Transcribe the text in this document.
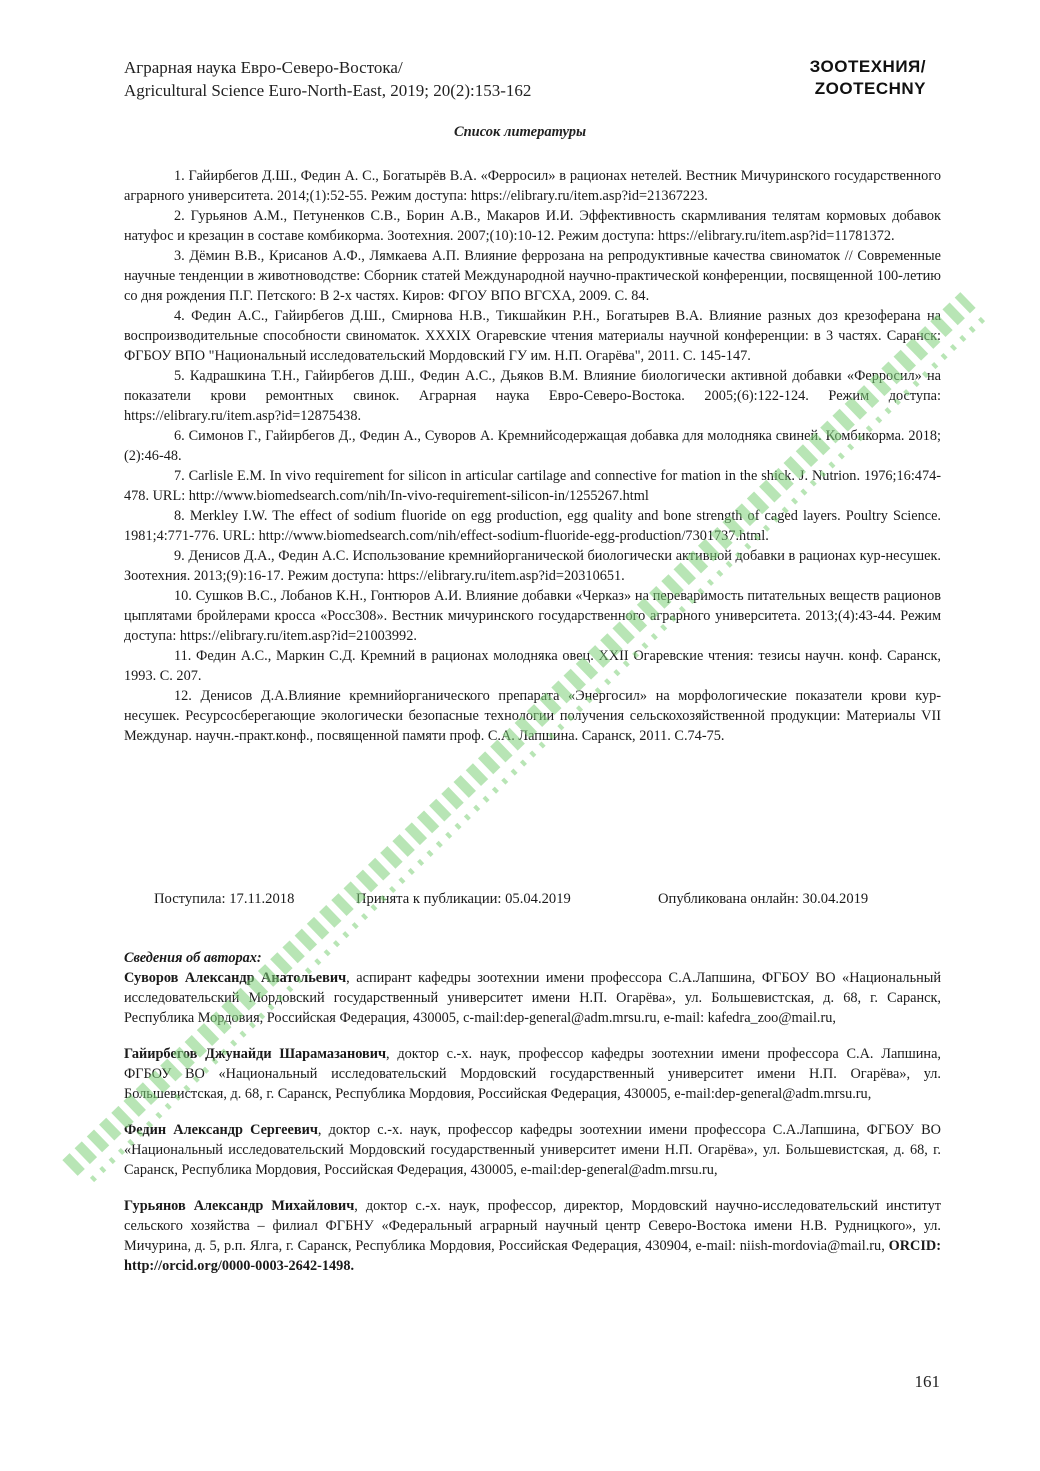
Аграрная наука Евро-Северо-Востока/
Agricultural Science Euro-North-East, 2019; 20(2):153-162
ЗООТЕХНИЯ/
ZOOTECHNY
Список литературы

1. Гайирбегов Д.Ш., Федин А. С., Богатырёв В.А. «Ферросил» в рационах нетелей. Вестник Мичуринского государственного аграрного университета. 2014;(1):52-55. Режим доступа: https://elibrary.ru/item.asp?id=21367223.

2. Гурьянов А.М., Петуненков С.В., Борин А.В., Макаров И.И. Эффективность скармливания телятам кормовых добавок натуфос и крезацин в составе комбикорма. Зоотехния. 2007;(10):10-12. Режим доступа: https://elibrary.ru/item.asp?id=11781372.

3. Дёмин В.В., Крисанов А.Ф., Лямкаева А.П. Влияние феррозана на репродуктивные качества свиноматок // Современные научные тенденции в животноводстве: Сборник статей Международной научно-практической конференции, посвященной 100-летию со дня рождения П.Г. Петского: В 2-х частях. Киров: ФГОУ ВПО ВГСХА, 2009. С. 84.

4. Федин А.С., Гайирбегов Д.Ш., Смирнова Н.В., Тикшайкин Р.Н., Богатырев В.А. Влияние разных доз крезоферана на воспроизводительные способности свиноматок. XXXIX Огаревские чтения материалы научной конференции: в 3 частях. Саранск: ФГБОУ ВПО "Национальный исследовательский Мордовский ГУ им. Н.П. Огарёва", 2011. С. 145-147.

5. Кадрашкина Т.Н., Гайирбегов Д.Ш., Федин А.С., Дьяков В.М. Влияние биологически активной добавки «Ферросил» на показатели крови ремонтных свинок. Аграрная наука Евро-Северо-Востока. 2005;(6):122-124. Режим доступа: https://elibrary.ru/item.asp?id=12875438.

6. Симонов Г., Гайирбегов Д., Федин А., Суворов А. Кремнийсодержащая добавка для молодняка свиней. Комбикорма. 2018;(2):46-48.

7. Carlisle E.M. In vivo requirement for silicon in articular cartilage and connective for mation in the shick. J. Nutrion. 1976;16:474-478. URL: http://www.biomedsearch.com/nih/In-vivo-requirement-silicon-in/1255267.html

8. Merkley I.W. The effect of sodium fluoride on egg production, egg quality and bone strength of caged layers. Poultry Science. 1981;4:771-776. URL: http://www.biomedsearch.com/nih/effect-sodium-fluoride-egg-production/7301737.html.

9. Денисов Д.А., Федин А.С. Использование кремнийорганической биологически активной добавки в рационах кур-несушек. Зоотехния. 2013;(9):16-17. Режим доступа: https://elibrary.ru/item.asp?id=20310651.

10. Сушков В.С., Лобанов К.Н., Гонтюров А.И. Влияние добавки «Черказ» на переваримость питательных веществ рационов цыплятами бройлерами кросса «Росс308». Вестник мичуринского государственного аграрного университета. 2013;(4):43-44. Режим доступа: https://elibrary.ru/item.asp?id=21003992.

11. Федин А.С., Маркин С.Д. Кремний в рационах молодняка овец. XXII Огаревские чтения: тезисы научн. конф. Саранск, 1993. С. 207.

12. Денисов Д.А.Влияние кремнийорганического препарата «Энергосил» на морфологические показатели крови кур-несушек. Ресурсосберегающие экологически безопасные технологии получения сельскохозяйственной продукции: Материалы VII Междунар. научн.-практ.конф., посвященной памяти проф. С.А. Лапшина. Саранск, 2011. С.74-75.

Поступила: 17.11.2018	Принята к публикации: 05.04.2019	Опубликована онлайн: 30.04.2019

Сведения об авторах:

Суворов Александр Анатольевич, аспирант кафедры зоотехнии имени профессора С.А.Лапшина, ФГБОУ ВО «Национальный исследовательский Мордовский государственный университет имени Н.П. Огарёва», ул. Большевистская, д. 68, г. Саранск, Республика Мордовия, Российская Федерация, 430005, c-mail:dep-general@adm.mrsu.ru, e-mail: kafedra_zoo@mail.ru,

Гайирбегов Джунайди Шарамазанович, доктор с.-х. наук, профессор кафедры зоотехнии имени профессора С.А. Лапшина, ФГБОУ ВО «Национальный исследовательский Мордовский государственный университет имени Н.П. Огарёва», ул. Большевистская, д. 68, г. Саранск, Республика Мордовия, Российская Федерация, 430005, e-mail:dep-general@adm.mrsu.ru,

Федин Александр Сергеевич, доктор с.-х. наук, профессор кафедры зоотехнии имени профессора С.А.Лапшина, ФГБОУ ВО «Национальный исследовательский Мордовский государственный университет имени Н.П. Огарёва», ул. Большевистская, д. 68, г. Саранск, Республика Мордовия, Российская Федерация, 430005, e-mail:dep-general@adm.mrsu.ru,

Гурьянов Александр Михайлович, доктор с.-х. наук, профессор, директор, Мордовский научно-исследовательский институт сельского хозяйства – филиал ФГБНУ «Федеральный аграрный научный центр Северо-Востока имени Н.В. Рудницкого», ул. Мичурина, д. 5, р.п. Ялга, г. Саранск, Республика Мордовия, Российская Федерация, 430904, e-mail: niish-mordovia@mail.ru, ORCID: http://orcid.org/0000-0003-2642-1498.

161
